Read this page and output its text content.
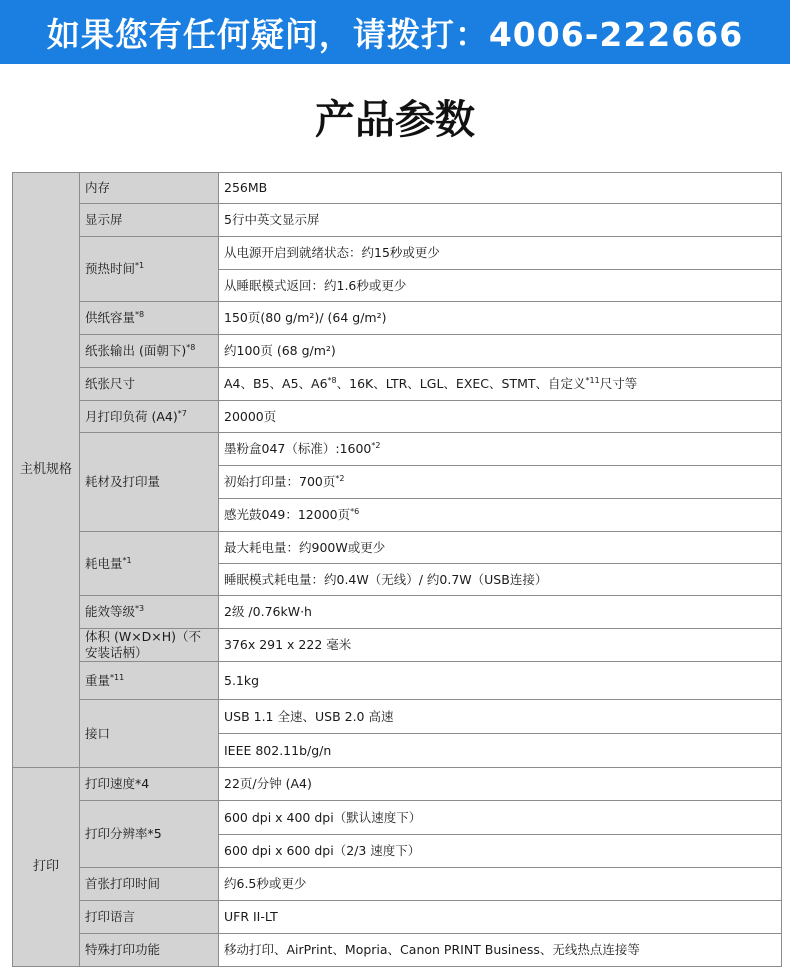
如果您有任何疑问，请拨打：4006-222666
产品参数
主机规格	内存	256MB
	显示屏	5行中英文显示屏
	预热时间$^{*1}$	从电源开启到就绪状态：约15秒或更少
		从睡眠模式返回：约1.6秒或更少
	供纸容量$^{*8}$	150页(80 g/m²)/ (64 g/m²)
	纸张输出 (面朝下)$^{*8}$	约100页 (68 g/m²)
	纸张尺寸	A4、B5、A5、A6$^{*8}$、16K、LTR、LGL、EXEC、STMT、自定义$^{*11}$尺寸等
	月打印负荷 $(A4)^{*7}$	20000页
	耗材及打印量	墨粉盒047（标准）:1600$^{*2}$
		初始打印量：700页$^{*2}$
		感光鼓049：12000页$^{*6}$
	耗电量$^{*1}$	最大耗电量：约900W或更少
		睡眠模式耗电量：约0.4W（无线）/ 约0.7W（USB连接）
	能效等级$^{*3}$	2级 /0.76kW·h
	体积 (W×D×H)（不安装话柄）	376x 291 x 222 毫米
	重量$^{*11}$	5.1kg
	接口	USB 1.1 全速、USB 2.0 高速
		IEEE 802.11b/g/n
打印	打印速度*4	22页/分钟 (A4)
	打印分辨率*5	600 dpi x 400 dpi（默认速度下）
		600 dpi x 600 dpi（2/3 速度下）
	首张打印时间	约6.5秒或更少
	打印语言	UFR II-LT
	特殊打印功能	移动打印、AirPrint、Mopria、Canon PRINT Business、无线热点连接等
